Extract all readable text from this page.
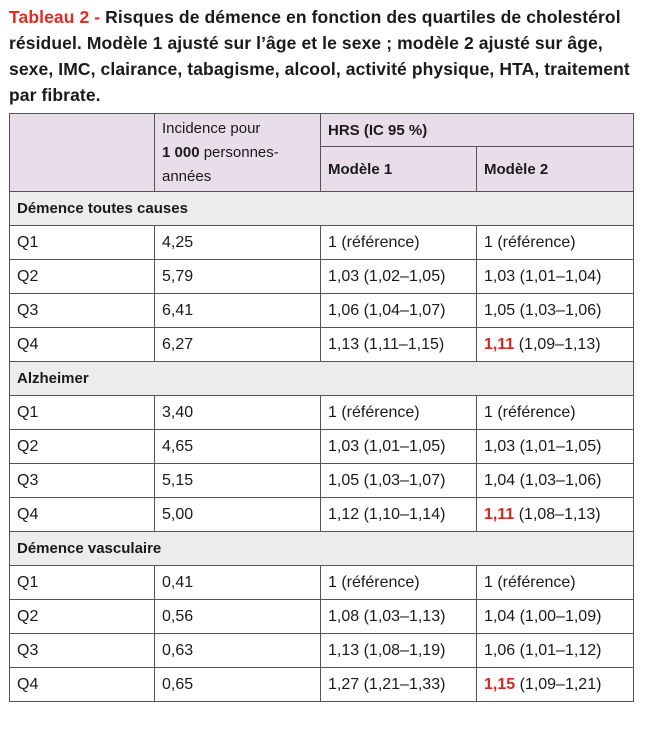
Tableau 2 - Risques de démence en fonction des quartiles de cholestérol résiduel. Modèle 1 ajusté sur l’âge et le sexe ; modèle 2 ajusté sur âge, sexe, IMC, clairance, tabagisme, alcool, activité physique, HTA, traitement par fibrate.

	Incidence pour
1 000 personnes-
années	HRS (IC 95 %)	
		Modèle 1	Modèle 2
Démence toutes causes			
Q1	4,25	1 (référence)	1 (référence)
Q2	5,79	1,03 (1,02–1,05)	1,03 (1,01–1,04)
Q3	6,41	1,06 (1,04–1,07)	1,05 (1,03–1,06)
Q4	6,27	1,13 (1,11–1,15)	1,11 (1,09–1,13)
Alzheimer			
Q1	3,40	1 (référence)	1 (référence)
Q2	4,65	1,03 (1,01–1,05)	1,03 (1,01–1,05)
Q3	5,15	1,05 (1,03–1,07)	1,04 (1,03–1,06)
Q4	5,00	1,12 (1,10–1,14)	1,11 (1,08–1,13)
Démence vasculaire			
Q1	0,41	1 (référence)	1 (référence)
Q2	0,56	1,08 (1,03–1,13)	1,04 (1,00–1,09)
Q3	0,63	1,13 (1,08–1,19)	1,06 (1,01–1,12)
Q4	0,65	1,27 (1,21–1,33)	1,15 (1,09–1,21)
